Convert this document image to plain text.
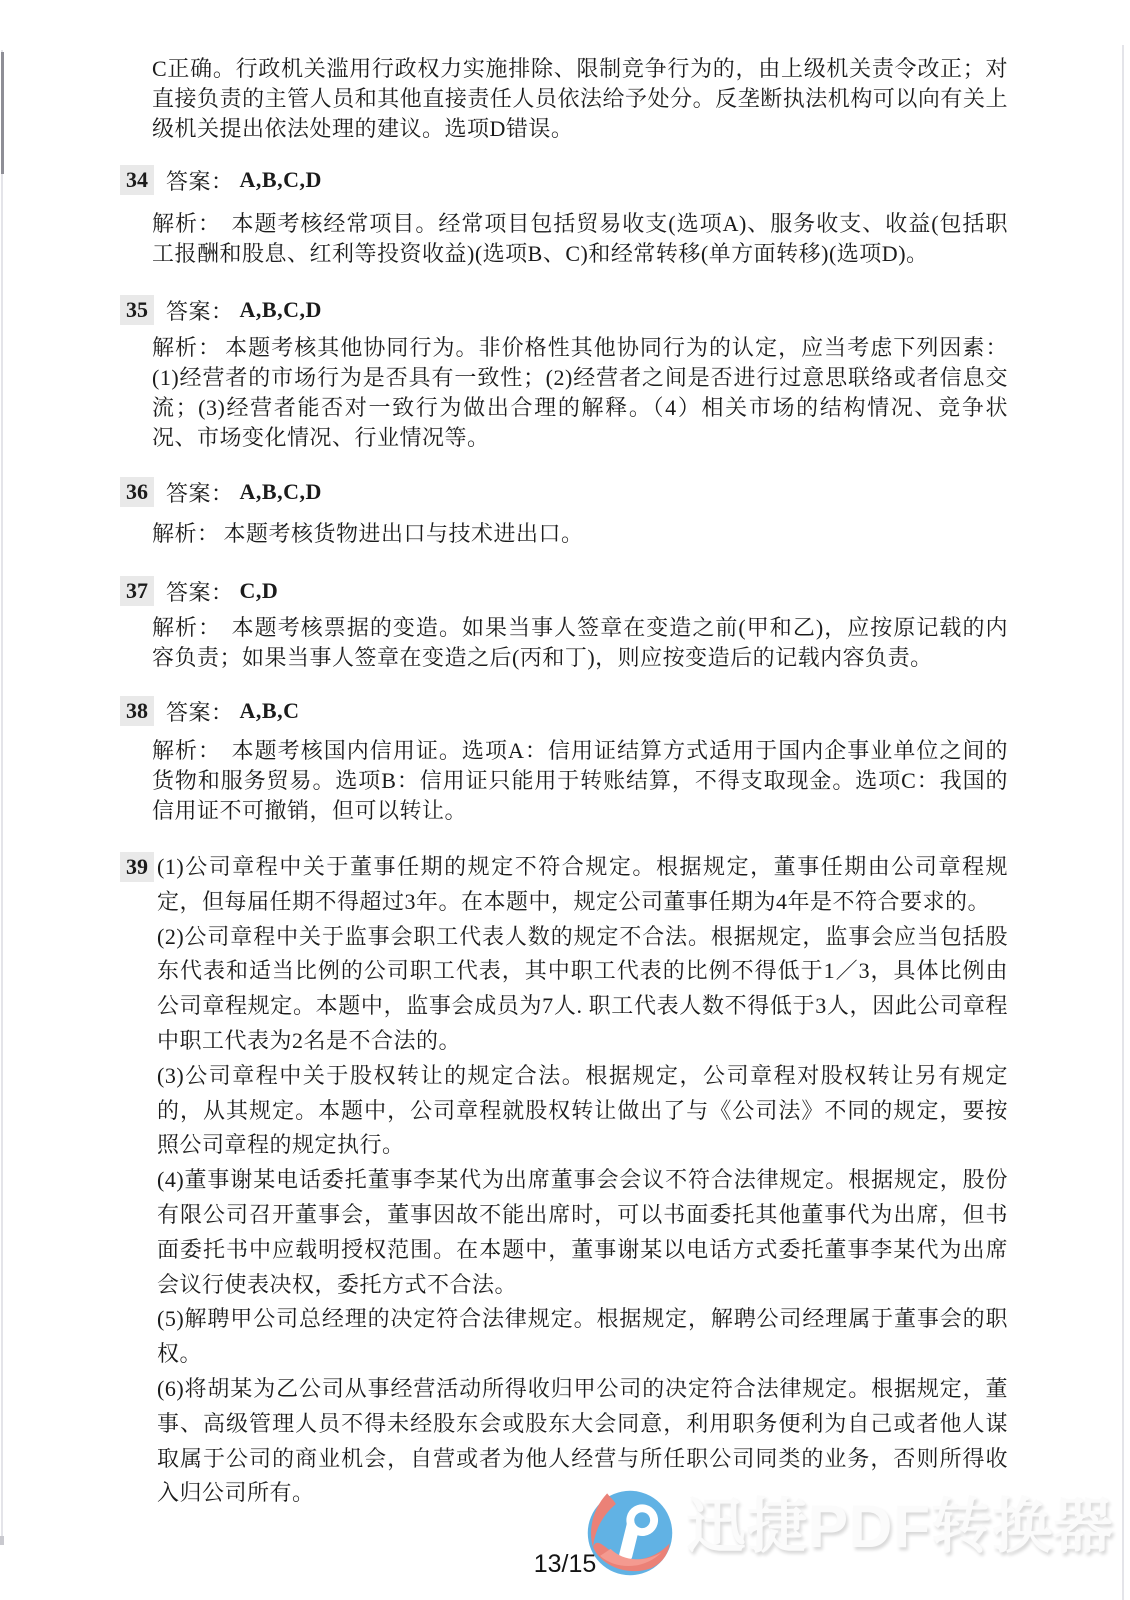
C正确。行政机关滥用行政权力实施排除、限制竞争行为的，由上级机关责令改正；对直接负责的主管人员和其他直接责任人员依法给予处分。反垄断执法机构可以向有关上级机关提出依法处理的建议。选项D错误。

34 答案： A,B,C,D

解析： 本题考核经常项目。经常项目包括贸易收支(选项A)、服务收支、收益(包括职工报酬和股息、红利等投资收益)(选项B、C)和经常转移(单方面转移)(选项D)。

35 答案： A,B,C,D

解析： 本题考核其他协同行为。非价格性其他协同行为的认定，应当考虑下列因素：(1)经营者的市场行为是否具有一致性；(2)经营者之间是否进行过意思联络或者信息交流；(3)经营者能否对一致行为做出合理的解释。（4）相关市场的结构情况、竞争状况、市场变化情况、行业情况等。

36 答案： A,B,C,D

解析： 本题考核货物进出口与技术进出口。

37 答案： C,D

解析： 本题考核票据的变造。如果当事人签章在变造之前(甲和乙)，应按原记载的内容负责；如果当事人签章在变造之后(丙和丁)，则应按变造后的记载内容负责。

38 答案： A,B,C

解析： 本题考核国内信用证。选项A：信用证结算方式适用于国内企事业单位之间的货物和服务贸易。选项B：信用证只能用于转账结算，不得支取现金。选项C：我国的信用证不可撤销，但可以转让。

39 (1)公司章程中关于董事任期的规定不符合规定。根据规定，董事任期由公司章程规定，但每届任期不得超过3年。在本题中，规定公司董事任期为4年是不符合要求的。

(2)公司章程中关于监事会职工代表人数的规定不合法。根据规定，监事会应当包括股东代表和适当比例的公司职工代表，其中职工代表的比例不得低于1／3，具体比例由公司章程规定。本题中，监事会成员为7人. 职工代表人数不得低于3人，因此公司章程中职工代表为2名是不合法的。

(3)公司章程中关于股权转让的规定合法。根据规定，公司章程对股权转让另有规定的，从其规定。本题中，公司章程就股权转让做出了与《公司法》不同的规定，要按照公司章程的规定执行。

(4)董事谢某电话委托董事李某代为出席董事会会议不符合法律规定。根据规定，股份有限公司召开董事会，董事因故不能出席时，可以书面委托其他董事代为出席，但书面委托书中应载明授权范围。在本题中，董事谢某以电话方式委托董事李某代为出席会议行使表决权，委托方式不合法。

(5)解聘甲公司总经理的决定符合法律规定。根据规定，解聘公司经理属于董事会的职权。

(6)将胡某为乙公司从事经营活动所得收归甲公司的决定符合法律规定。根据规定，董事、高级管理人员不得未经股东会或股东大会同意，利用职务便利为自己或者他人谋取属于公司的商业机会，自营或者为他人经营与所任职公司同类的业务，否则所得收入归公司所有。

迅捷PDF转换器
13/15
